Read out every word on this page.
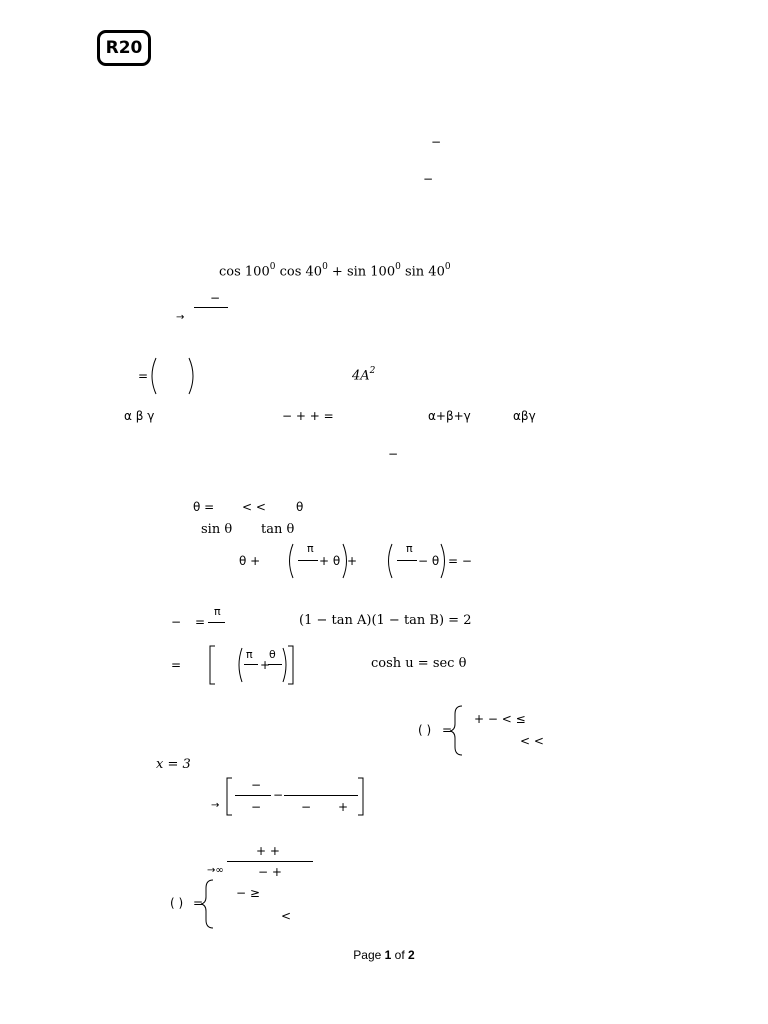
R20
−
−
$\cos 100^0$ $\cos 40^0 + \sin 100^0$ $\sin 40^0$
−
→
=	$4A^2$
α β γ	− + + =	α+β+γ	αβγ
−
θ = < <	θ
sin θ tan θ
θ +
π
+ θ +
π
− θ = −
− =
π
(1 − tan A)(1 − tan B) = 2
=
π
+
θ
cosh u = sec θ
( ) =
+ − < ≤
< <
x = 3
−
−
−	− +
→
+ +
− +
→∞
( ) =
− ≥
<
Page 1 of 2
